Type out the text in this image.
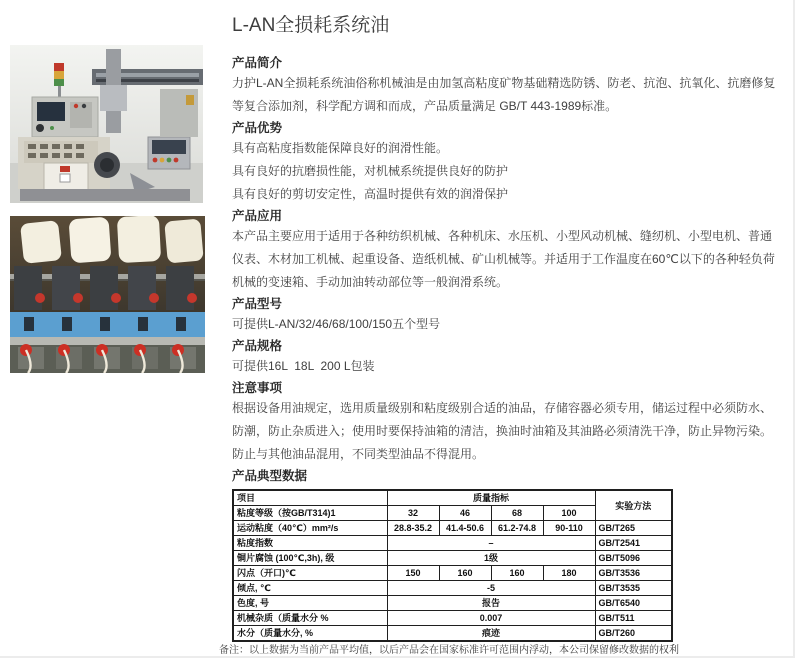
L-AN全损耗系统油
产品简介

力护L-AN全损耗系统油俗称机械油是由加氢高粘度矿物基础精选防锈、防老、抗泡、抗氧化、抗磨修复等复合添加剂，科学配方调和而成，产品质量满足 GB/T 443-1989标准。

产品优势

具有高粘度指数能保障良好的润滑性能。

具有良好的抗磨损性能，对机械系统提供良好的防护

具有良好的剪切安定性，高温时提供有效的润滑保护

产品应用

本产品主要应用于适用于各种纺织机械、各种机床、水压机、小型风动机械、缝纫机、小型电机、普通仪表、木材加工机械、起重设备、造纸机械、矿山机械等。并适用于工作温度在60℃以下的各种轻负荷机械的变速箱、手动加油转动部位等一般润滑系统。

产品型号

可提供L-AN/32/46/68/100/150五个型号

产品规格

可提供16L  18L  200 L包装

注意事项

根据设备用油规定，选用质量级别和粘度级别合适的油品，存储容器必须专用，储运过程中必须防水、防潮，防止杂质进入；使用时要保持油箱的清洁，换油时油箱及其油路必须清洗干净，防止异物污染。防止与其他油品混用，不同类型油品不得混用。

产品典型数据
项目	质量指标				实验方法
粘度等级（按GB/T314)1	32	46	68	100	
运动粘度（40℃）mm²/s	28.8-35.2	41.4-50.6	61.2-74.8	90-110	GB/T265
粘度指数	–				GB/T2541
铜片腐蚀 (100℃,3h), 级	1级				GB/T5096
闪点（开口)℃	150	160	160	180	GB/T3536
倾点, ℃	-5				GB/T3535
色度, 号	报告				GB/T6540
机械杂质（质量水分 %	0.007				GB/T511
水分（质量水分, %	痕迹				GB/T260
备注：以上数据为当前产品平均值，以后产品会在国家标准许可范围内浮动，本公司保留修改数据的权利
